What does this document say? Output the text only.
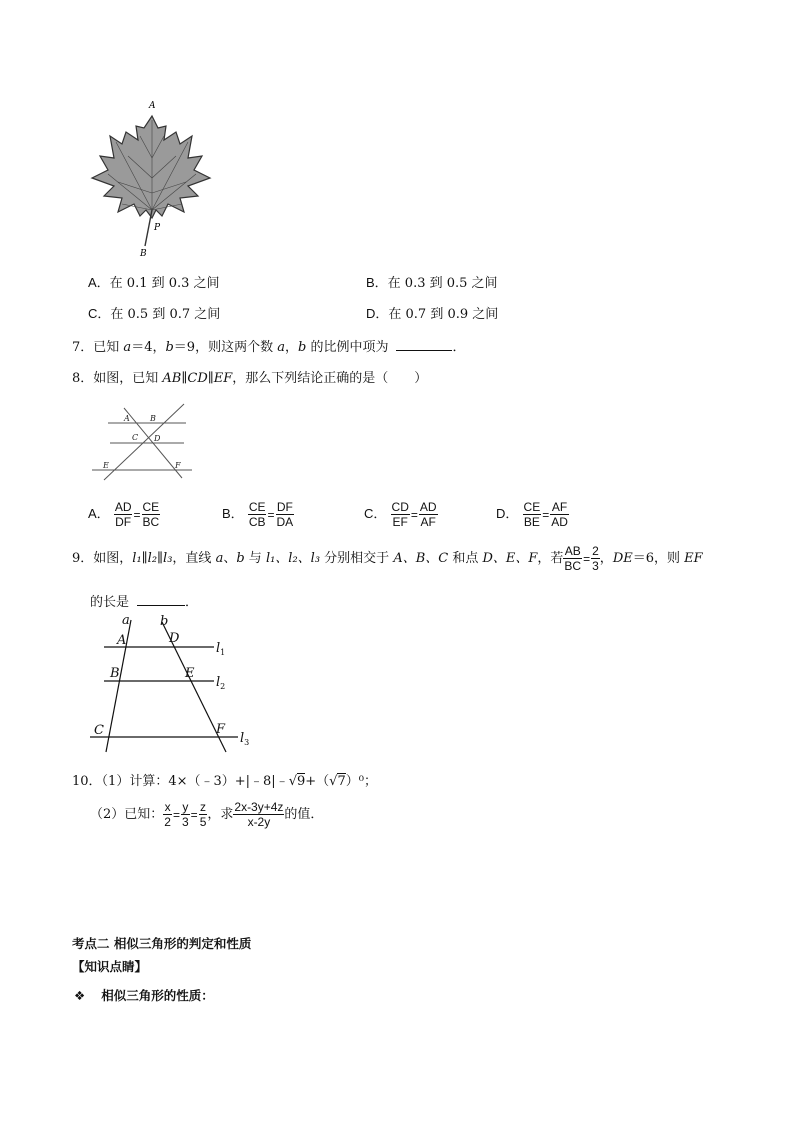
A
P
B
A．在 0.1 到 0.3 之间	B．在 0.3 到 0.5 之间
C．在 0.5 到 0.7 之间	D．在 0.7 到 0.9 之间
7．已知 a＝4，b＝9，则这两个数 a，b 的比例中项为	．
8．如图，已知 AB∥CD∥EF，那么下列结论正确的是（　　）
A	B
C D
E	F
A． $\frac{AD}{DF} = \frac{CE}{BC}$	B． $\frac{CE}{CB} = \frac{DF}{DA}$	C． $\frac{CD}{EF} = \frac{AD}{AF}$	D． $\frac{CE}{BE} = \frac{AF}{AD}$
9．如图，l₁∥l₂∥l₃，直线 a、b 与 l₁、l₂、l₃ 分别相交于 A、B、C 和点 D、E、F，若 $\frac{AB}{BC} = \frac{2}{3}$ ，DE＝6，则 EF
的长是	．
a b
A	D
B	E
C	F
$l_1$
$l_2$
$l_3$
10．（1）计算：4×（﹣3）+|﹣8|﹣√9+（√7）⁰；
（2）已知： $\frac{x}{2} = \frac{y}{3} = \frac{z}{5}$ ，求 $\frac{2x-3y+4z}{x-2y}$ 的值．
考点二 相似三角形的判定和性质
【知识点睛】
❖ 相似三角形的性质：
